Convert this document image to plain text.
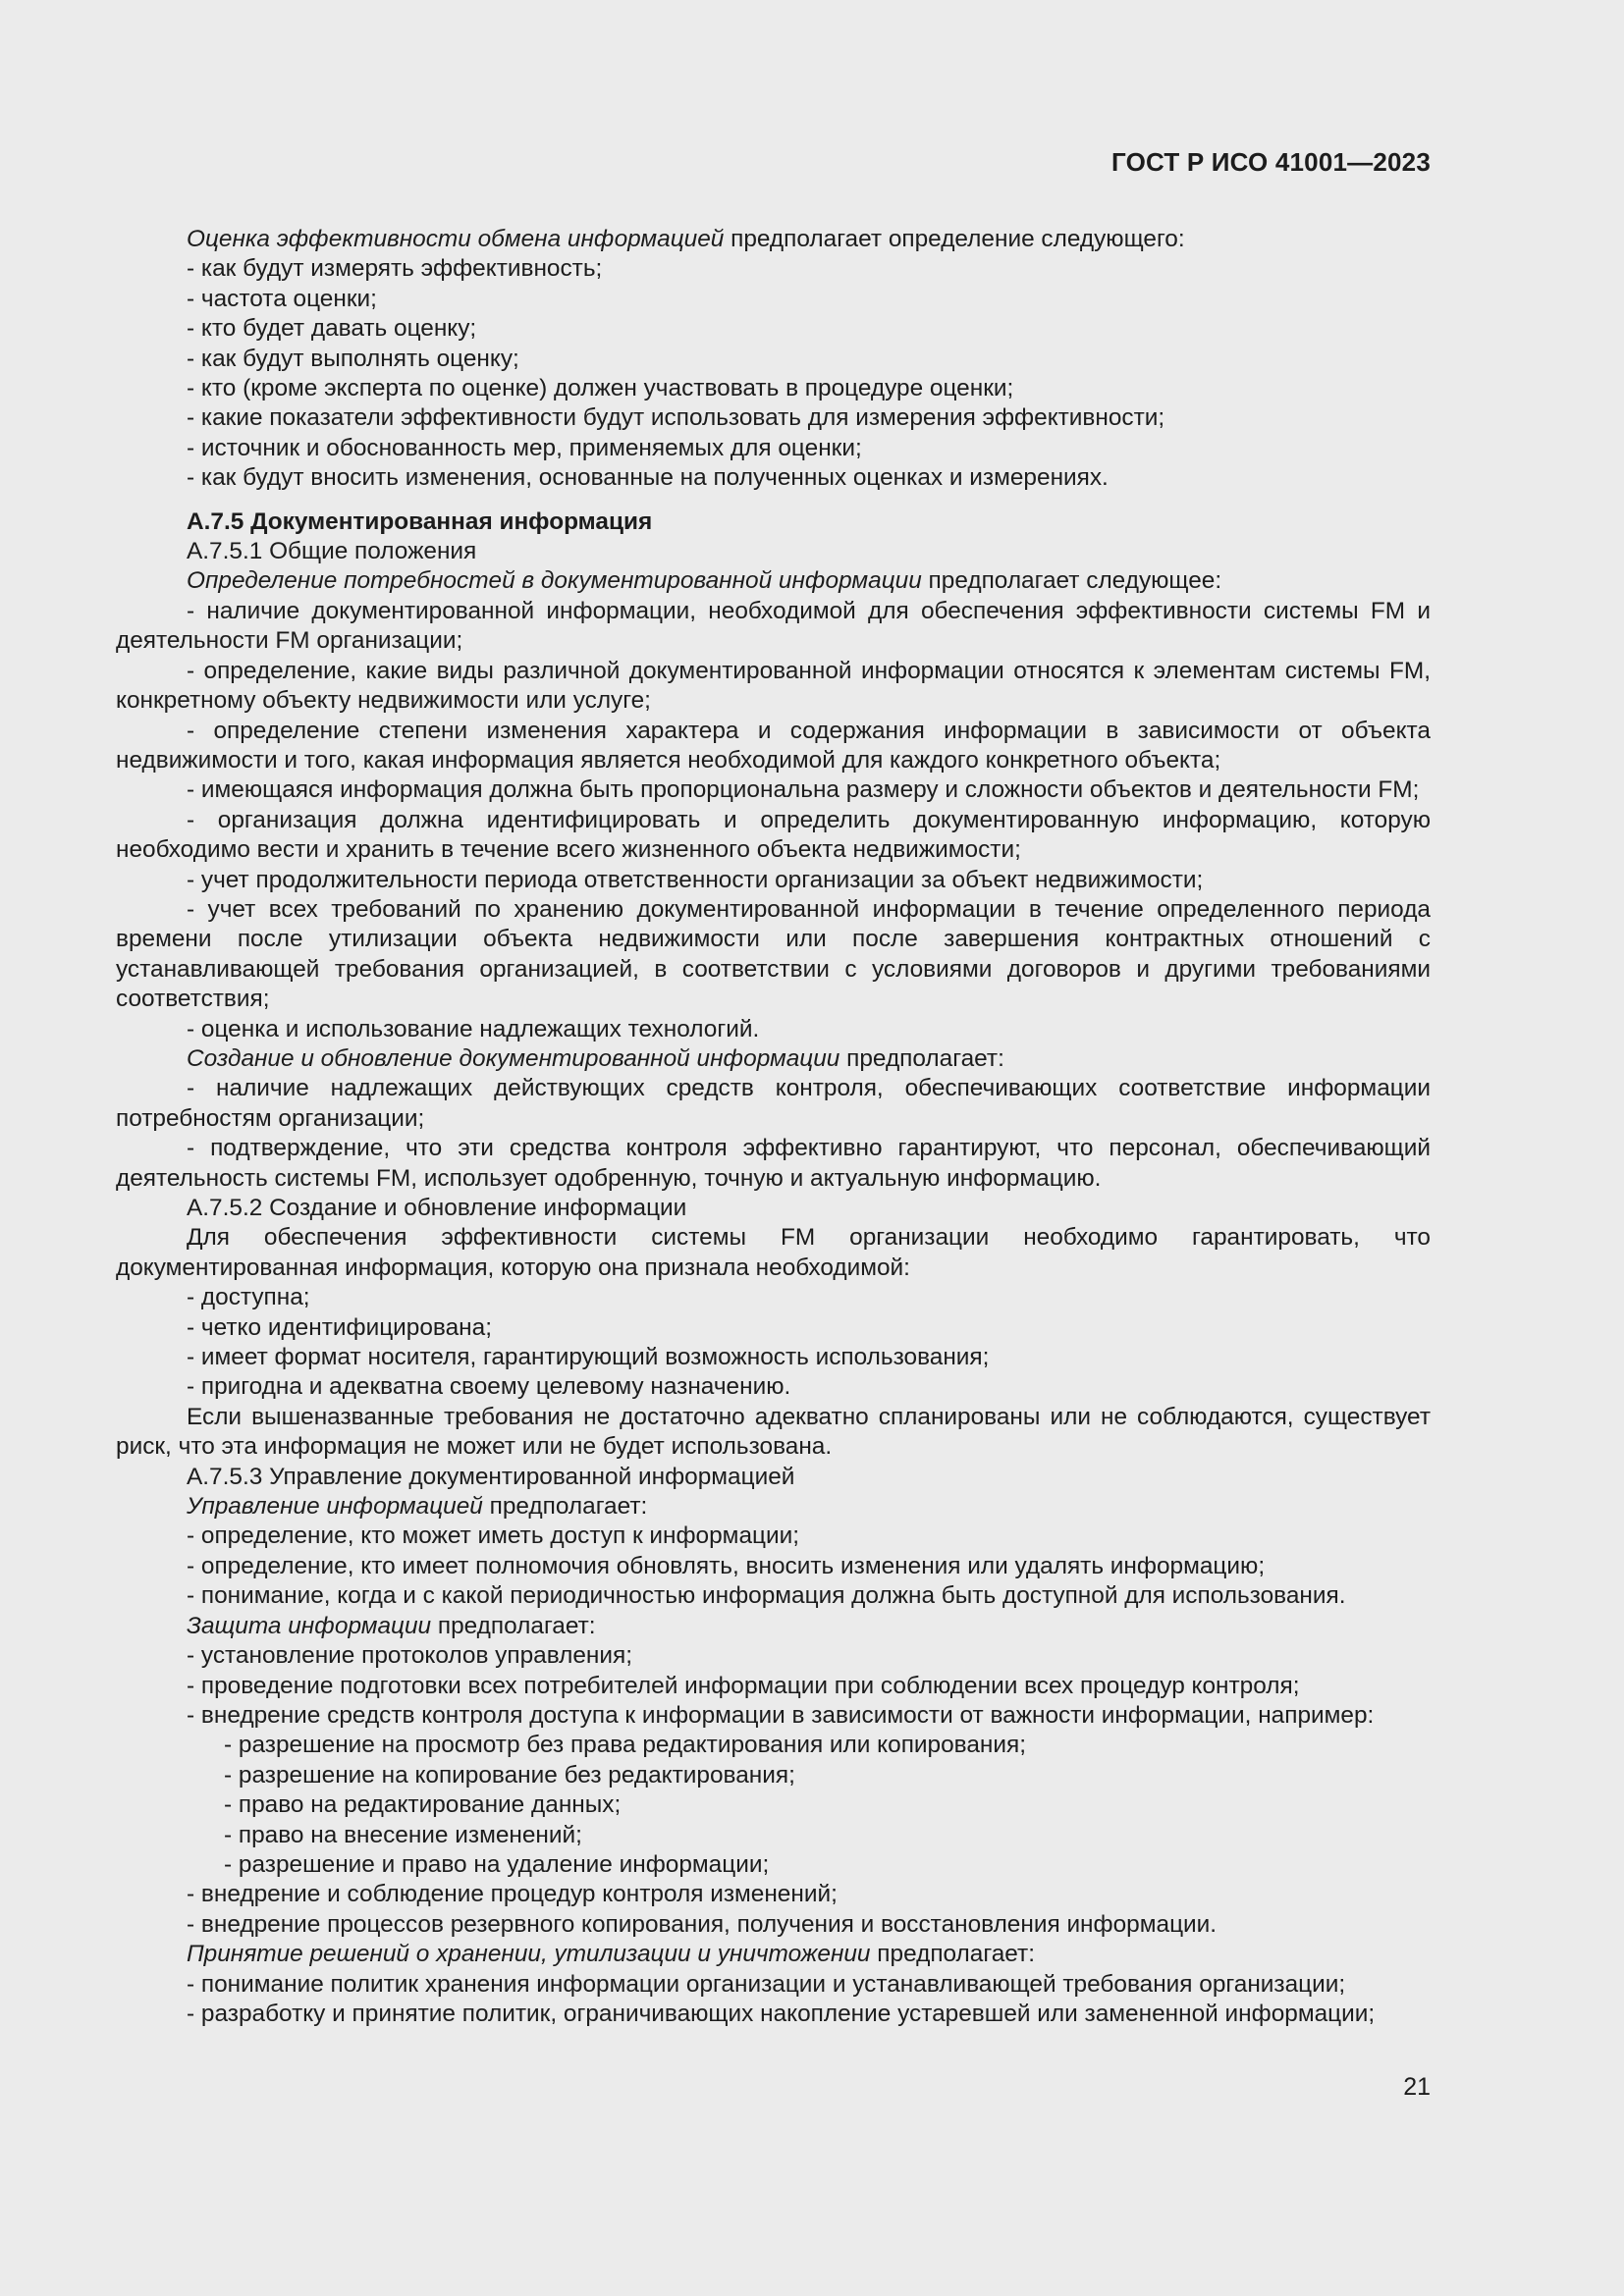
ГОСТ Р ИСО 41001—2023

Оценка эффективности обмена информацией предполагает определение следующего:

- как будут измерять эффективность;

- частота оценки;

- кто будет давать оценку;

- как будут выполнять оценку;

- кто (кроме эксперта по оценке) должен участвовать в процедуре оценки;

- какие показатели эффективности будут использовать для измерения эффективности;

- источник и обоснованность мер, применяемых для оценки;

- как будут вносить изменения, основанные на полученных оценках и измерениях.

А.7.5 Документированная информация

А.7.5.1 Общие положения

Определение потребностей в документированной информации предполагает следующее:

- наличие документированной информации, необходимой для обеспечения эффективности системы FM и деятельности FM организации;

- определение, какие виды различной документированной информации относятся к элементам системы FM, конкретному объекту недвижимости или услуге;

- определение степени изменения характера и содержания информации в зависимости от объекта недвижимости и того, какая информация является необходимой для каждого конкретного объекта;

- имеющаяся информация должна быть пропорциональна размеру и сложности объектов и деятельности FM;

- организация должна идентифицировать и определить документированную информацию, которую необходимо вести и хранить в течение всего жизненного объекта недвижимости;

- учет продолжительности периода ответственности организации за объект недвижимости;

- учет всех требований по хранению документированной информации в течение определенного периода времени после утилизации объекта недвижимости или после завершения контрактных отношений с устанавливающей требования организацией, в соответствии с условиями договоров и другими требованиями соответствия;

- оценка и использование надлежащих технологий.

Создание и обновление документированной информации предполагает:

- наличие надлежащих действующих средств контроля, обеспечивающих соответствие информации потребностям организации;

- подтверждение, что эти средства контроля эффективно гарантируют, что персонал, обеспечивающий деятельность системы FM, использует одобренную, точную и актуальную информацию.

А.7.5.2 Создание и обновление информации

Для обеспечения эффективности системы FM организации необходимо гарантировать, что документированная информация, которую она признала необходимой:

- доступна;

- четко идентифицирована;

- имеет формат носителя, гарантирующий возможность использования;

- пригодна и адекватна своему целевому назначению.

Если вышеназванные требования не достаточно адекватно спланированы или не соблюдаются, существует риск, что эта информация не может или не будет использована.

А.7.5.3 Управление документированной информацией

Управление информацией предполагает:

- определение, кто может иметь доступ к информации;

- определение, кто имеет полномочия обновлять, вносить изменения или удалять информацию;

- понимание, когда и с какой периодичностью информация должна быть доступной для использования.

Защита информации предполагает:

- установление протоколов управления;

- проведение подготовки всех потребителей информации при соблюдении всех процедур контроля;

- внедрение средств контроля доступа к информации в зависимости от важности информации, например:

- разрешение на просмотр без права редактирования или копирования;

- разрешение на копирование без редактирования;

- право на редактирование данных;

- право на внесение изменений;

- разрешение и право на удаление информации;

- внедрение и соблюдение процедур контроля изменений;

- внедрение процессов резервного копирования, получения и восстановления информации.

Принятие решений о хранении, утилизации и уничтожении предполагает:

- понимание политик хранения информации организации и устанавливающей требования организации;

- разработку и принятие политик, ограничивающих накопление устаревшей или замененной информации;

21
